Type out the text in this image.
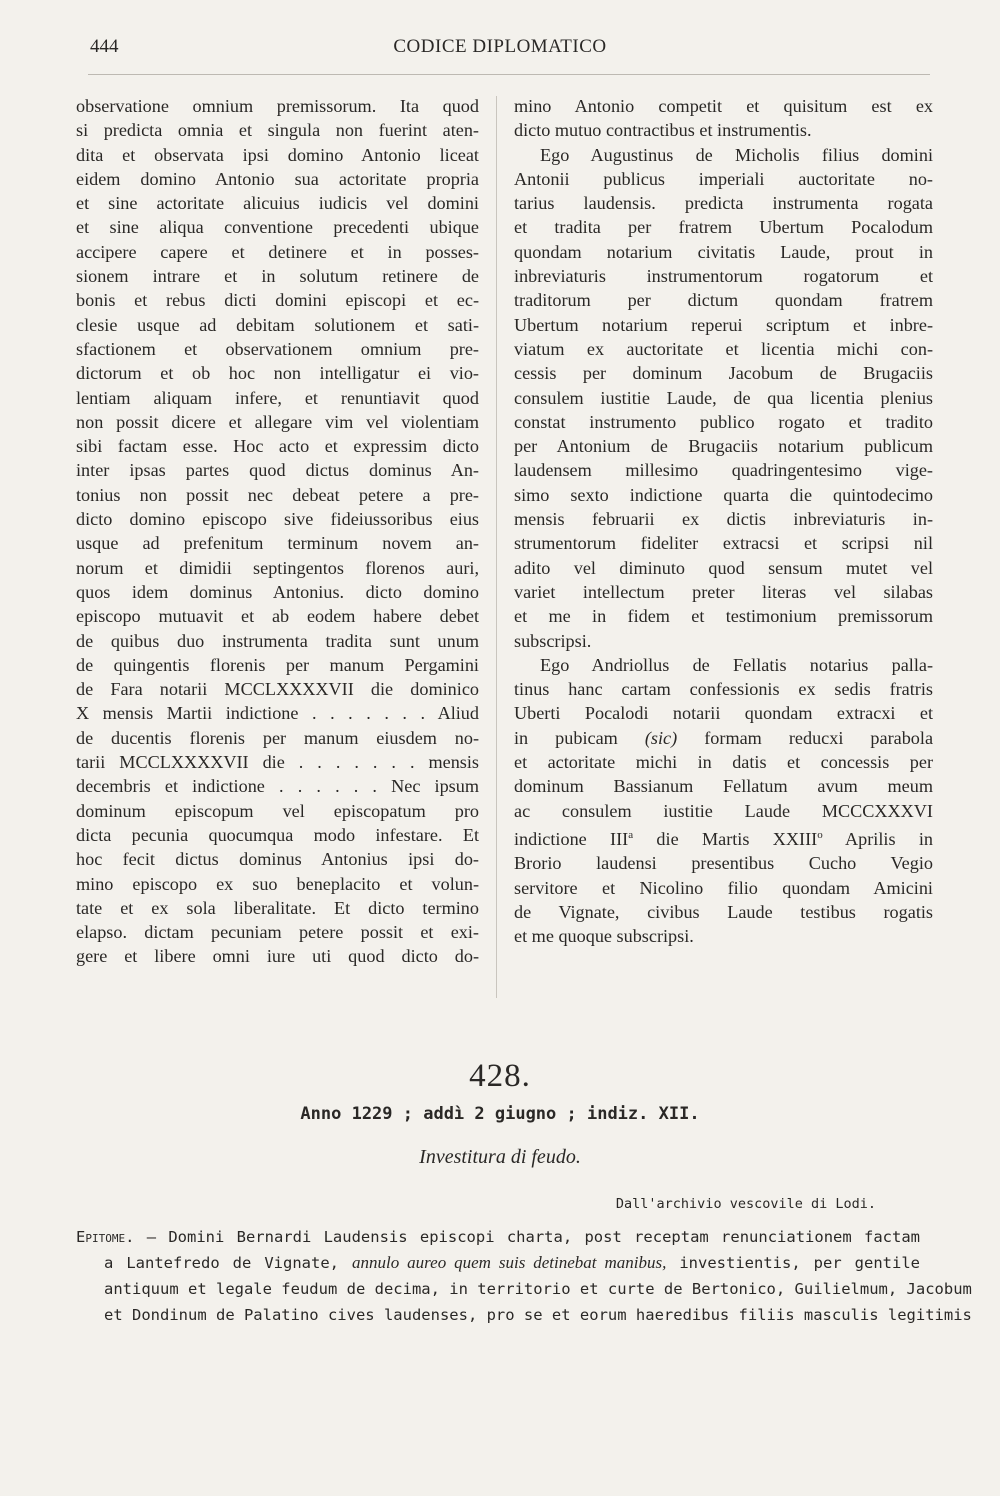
444	CODICE DIPLOMATICO
observatione omnium premissorum. Ita quod
si predicta omnia et singula non fuerint aten-
dita et observata ipsi domino Antonio liceat
eidem domino Antonio sua actoritate propria
et sine actoritate alicuius iudicis vel domini
et sine aliqua conventione precedenti ubique
accipere capere et detinere et in posses-
sionem intrare et in solutum retinere de
bonis et rebus dicti domini episcopi et ec-
clesie usque ad debitam solutionem et sati-
sfactionem et observationem omnium pre-
dictorum et ob hoc non intelligatur ei vio-
lentiam aliquam infere, et renuntiavit quod
non possit dicere et allegare vim vel violentiam
sibi factam esse. Hoc acto et expressim dicto
inter ipsas partes quod dictus dominus An-
tonius non possit nec debeat petere a pre-
dicto domino episcopo sive fideiussoribus eius
usque ad prefenitum terminum novem an-
norum et dimidii septingentos florenos auri,
quos idem dominus Antonius. dicto domino
episcopo mutuavit et ab eodem habere debet
de quibus duo instrumenta tradita sunt unum
de quingentis florenis per manum Pergamini
de Fara notarii MCCLXXXXVII die dominico
X mensis Martii indictione . . . . . . . Aliud
de ducentis florenis per manum eiusdem no-
tarii MCCLXXXXVII die . . . . . . . mensis
decembris et indictione . . . . . . Nec ipsum
dominum episcopum vel episcopatum pro
dicta pecunia quocumqua modo infestare. Et
hoc fecit dictus dominus Antonius ipsi do-
mino episcopo ex suo beneplacito et volun-
tate et ex sola liberalitate. Et dicto termino
elapso. dictam pecuniam petere possit et exi-
gere et libere omni iure uti quod dicto do-
mino Antonio competit et quisitum est ex
dicto mutuo contractibus et instrumentis.
Ego Augustinus de Micholis filius domini
Antonii publicus imperiali auctoritate no-
tarius laudensis. predicta instrumenta rogata
et tradita per fratrem Ubertum Pocalodum
quondam notarium civitatis Laude, prout in
inbreviaturis instrumentorum rogatorum et
traditorum per dictum quondam fratrem
Ubertum notarium reperui scriptum et inbre-
viatum ex auctoritate et licentia michi con-
cessis per dominum Jacobum de Brugaciis
consulem iustitie Laude, de qua licentia plenius
constat instrumento publico rogato et tradito
per Antonium de Brugaciis notarium publicum
laudensem millesimo quadringentesimo vige-
simo sexto indictione quarta die quintodecimo
mensis februarii ex dictis inbreviaturis in-
strumentorum fideliter extracsi et scripsi nil
adito vel diminuto quod sensum mutet vel
variet intellectum preter literas vel silabas
et me in fidem et testimonium premissorum
subscripsi.
Ego Andriollus de Fellatis notarius palla-
tinus hanc cartam confessionis ex sedis fratris
Uberti Pocalodi notarii quondam extracxi et
in pubicam (sic) formam reducxi parabola
et actoritate michi in datis et concessis per
dominum Bassianum Fellatum avum meum
ac consulem iustitie Laude MCCCXXXVI
indictione III$^a$ die Martis XXIII$^o$ Aprilis in
Brorio laudensi presentibus Cucho Vegio
servitore et Nicolino filio quondam Amicini
de Vignate, civibus Laude testibus rogatis
et me quoque subscripsi.
428.
Anno 1229 ; addì 2 giugno ; indiz. XII.
Investitura di feudo.
Dall'archivio vescovile di Lodi.
Epitome. — Domini Bernardi Laudensis episcopi charta, post receptam renunciationem factam
a Lantefredo de Vignate, annulo aureo quem suis detinebat manibus, investientis, per gentile
antiquum et legale feudum de decima, in territorio et curte de Bertonico, Guilielmum, Jacobum
et Dondinum de Palatino cives laudenses, pro se et eorum haeredibus filiis masculis legitimis
